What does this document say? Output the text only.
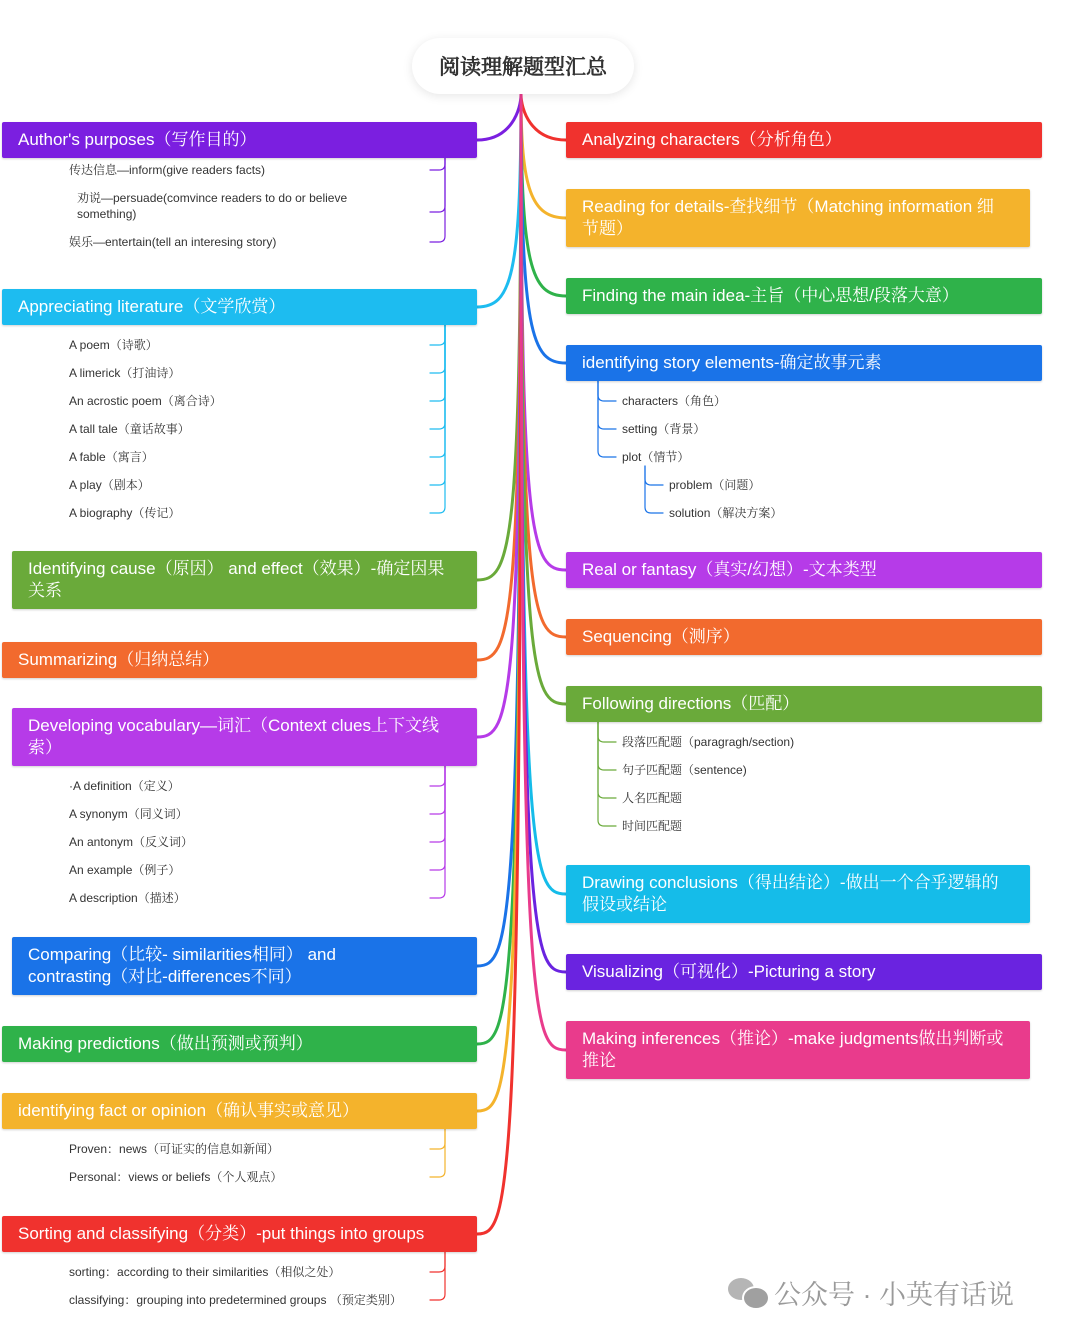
阅读理解题型汇总
Author's purposes（写作目的）
传达信息—inform(give readers facts)
劝说—persuade(comvince readers to do or believe something)
娱乐—entertain(tell an interesing story)
Appreciating literature（文学欣赏）
A poem（诗歌）
A limerick（打油诗）
An acrostic poem（离合诗）
A tall tale（童话故事）
A fable（寓言）
A play（剧本）
A biography（传记）
Identifying cause（原因） and effect（效果）-确定因果关系
Summarizing（归纳总结）
Developing vocabulary—词汇（Context clues上下文线索）
·A definition（定义）
A synonym（同义词）
An antonym（反义词）
An example（例子）
A description（描述）
Comparing（比较- similarities相同） and contrasting（对比-differences不同）
Making predictions（做出预测或预判）
identifying fact or opinion（确认事实或意见）
Proven：news（可证实的信息如新闻）
Personal：views or beliefs（个人观点）
Sorting and classifying（分类）-put things into groups
sorting：according to their similarities（相似之处）
classifying：grouping into predetermined groups （预定类别）
Analyzing characters（分析角色）
Reading for details-查找细节（Matching information 细节题）
Finding the main idea-主旨（中心思想/段落大意）
identifying story elements-确定故事元素
characters（角色）
setting（背景）
plot（情节）
problem（问题）
solution（解决方案）
Real or fantasy（真实/幻想）-文本类型
Sequencing（测序）
Following directions（匹配）
段落匹配题（paragragh/section)
句子匹配题（sentence)
人名匹配题
时间匹配题
Drawing conclusions（得出结论）-做出一个合乎逻辑的假设或结论
Visualizing（可视化）-Picturing a story
Making inferences（推论）-make judgments做出判断或推论
公众号 · 小英有话说
